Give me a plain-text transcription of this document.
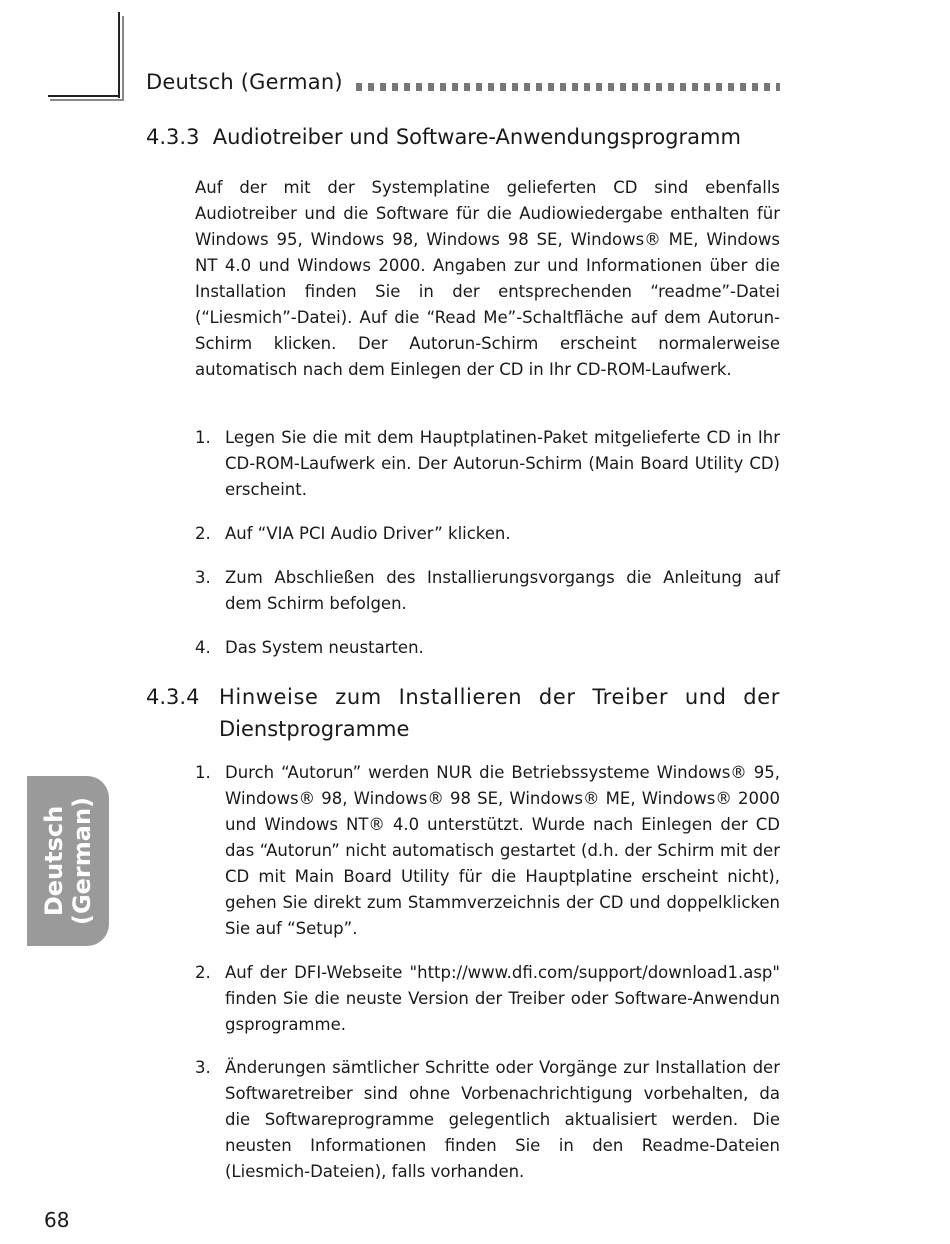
Deutsch (German)
4.3.3 Audiotreiber und Software-Anwendungsprogramm

Auf der mit der Systemplatine gelieferten CD sind ebenfalls Audiotreiber und die Software für die Audiowiedergabe enthalten für Windows 95, Windows 98, Windows 98 SE, Windows® ME, Windows NT 4.0 und Windows 2000. Angaben zur und Informationen über die Installation finden Sie in der entsprechenden “readme”-Datei (“Liesmich”-Datei). Auf die “Read Me”-Schaltfläche auf dem Autorun-Schirm klicken. Der Autorun-Schirm erscheint normalerweise automatisch nach dem Einlegen der CD in Ihr CD-ROM-Laufwerk.

1. Legen Sie die mit dem Hauptplatinen-Paket mitgelieferte CD in Ihr CD-ROM-Laufwerk ein. Der Autorun-Schirm (Main Board Utility CD) erscheint.
2. Auf “VIA PCI Audio Driver” klicken.
3. Zum Abschließen des Installierungsvorgangs die Anleitung auf dem Schirm befolgen.
4. Das System neustarten.
4.3.4 Hinweise zum Installieren der Treiber und der
Dienstprogramme
1. Durch “Autorun” werden NUR die Betriebssysteme Windows® 95, Windows® 98, Windows® 98 SE, Windows® ME, Windows® 2000 und Windows NT® 4.0 unterstützt. Wurde nach Einlegen der CD das “Autorun” nicht automatisch gestartet (d.h. der Schirm mit der CD mit Main Board Utility für die Hauptplatine erscheint nicht), gehen Sie direkt zum Stammverzeichnis der CD und doppelklicken Sie auf “Setup”.
2. Auf der DFI-Webseite "http://www.dfi.com/support/download1.asp" finden Sie die neuste Version der Treiber oder Software-Anwendungsprogramme.
3. Änderungen sämtlicher Schritte oder Vorgänge zur Installation der Softwaretreiber sind ohne Vorbenachrichtigung vorbehalten, da die Softwareprogramme gelegentlich aktualisiert werden. Die neusten Informationen finden Sie in den Readme-Dateien (Liesmich-Dateien), falls vorhanden.
Deutsch (German)
68
